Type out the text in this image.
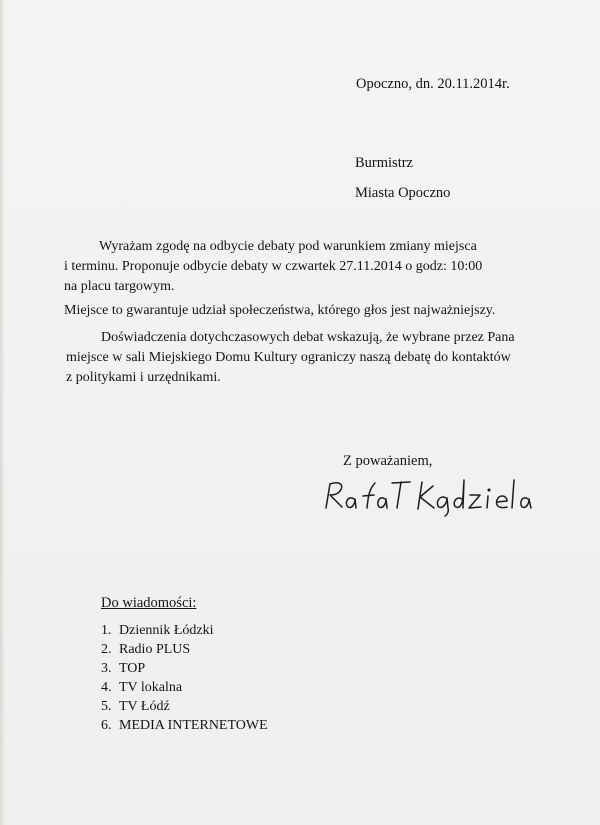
Opoczno, dn. 20.11.2014r.
Burmistrz
Miasta Opoczno
Wyrażam zgodę na odbycie debaty pod warunkiem zmiany miejsca
i terminu. Proponuje odbycie debaty w czwartek 27.11.2014 o godz: 10:00
na placu targowym.
Miejsce to gwarantuje udział społeczeństwa, którego głos jest najważniejszy.
Doświadczenia dotychczasowych debat wskazują, że wybrane przez Pana
miejsce w sali Miejskiego Domu Kultury ograniczy naszą debatę do kontaktów
z politykami i urzędnikami.
Z poważaniem,
Do wiadomości:
1. Dziennik Łódzki
2. Radio PLUS
3. TOP
4. TV lokalna
5. TV Łódź
6. MEDIA INTERNETOWE
